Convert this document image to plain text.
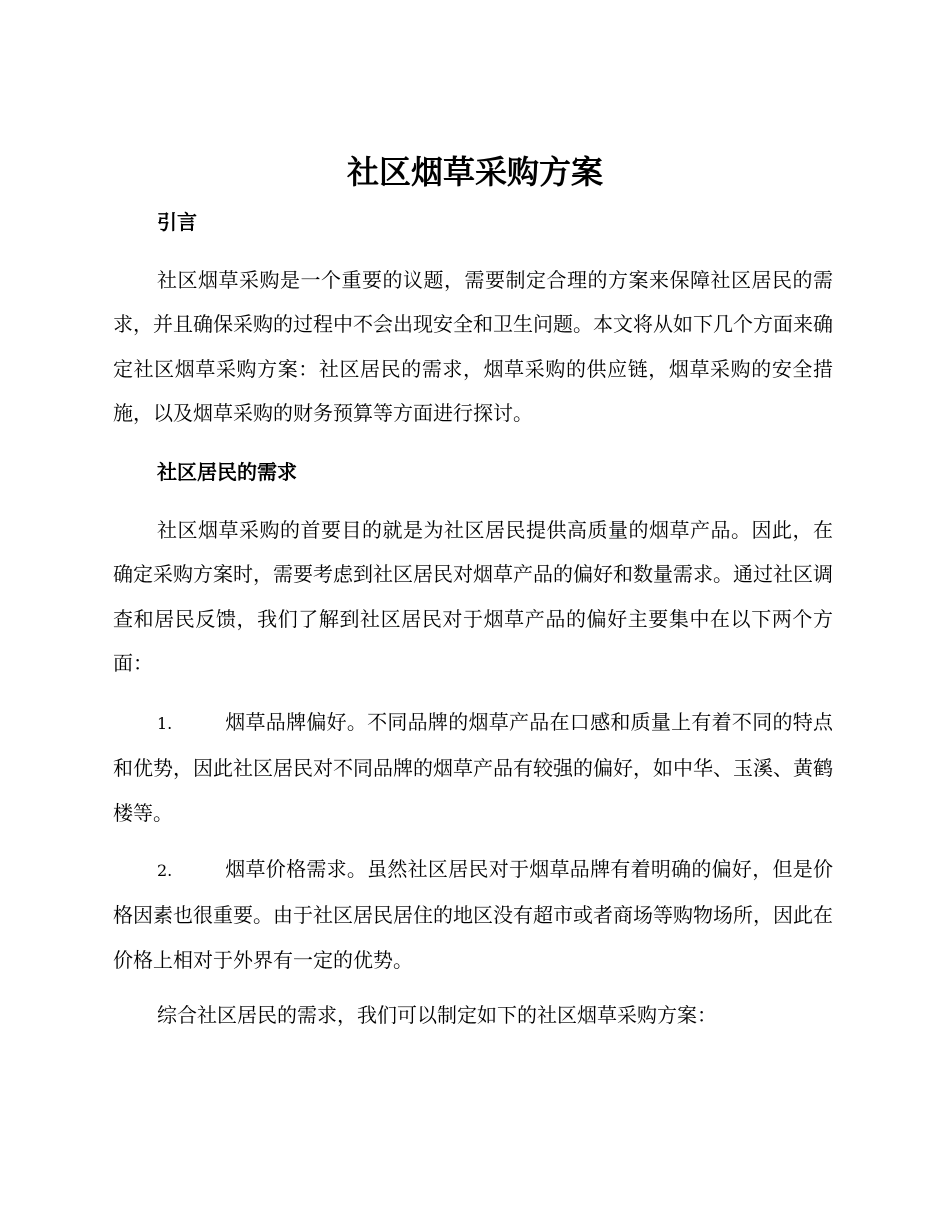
社区烟草采购方案
引言

社区烟草采购是一个重要的议题，需要制定合理的方案来保障社区居民的需求，并且确保采购的过程中不会出现安全和卫生问题。本文将从如下几个方面来确定社区烟草采购方案：社区居民的需求，烟草采购的供应链，烟草采购的安全措施，以及烟草采购的财务预算等方面进行探讨。

社区居民的需求

社区烟草采购的首要目的就是为社区居民提供高质量的烟草产品。因此，在确定采购方案时，需要考虑到社区居民对烟草产品的偏好和数量需求。通过社区调查和居民反馈，我们了解到社区居民对于烟草产品的偏好主要集中在以下两个方面：

1.	烟草品牌偏好。不同品牌的烟草产品在口感和质量上有着不同的特点和优势，因此社区居民对不同品牌的烟草产品有较强的偏好，如中华、玉溪、黄鹤楼等。

2.	烟草价格需求。虽然社区居民对于烟草品牌有着明确的偏好，但是价格因素也很重要。由于社区居民居住的地区没有超市或者商场等购物场所，因此在价格上相对于外界有一定的优势。

综合社区居民的需求，我们可以制定如下的社区烟草采购方案：
